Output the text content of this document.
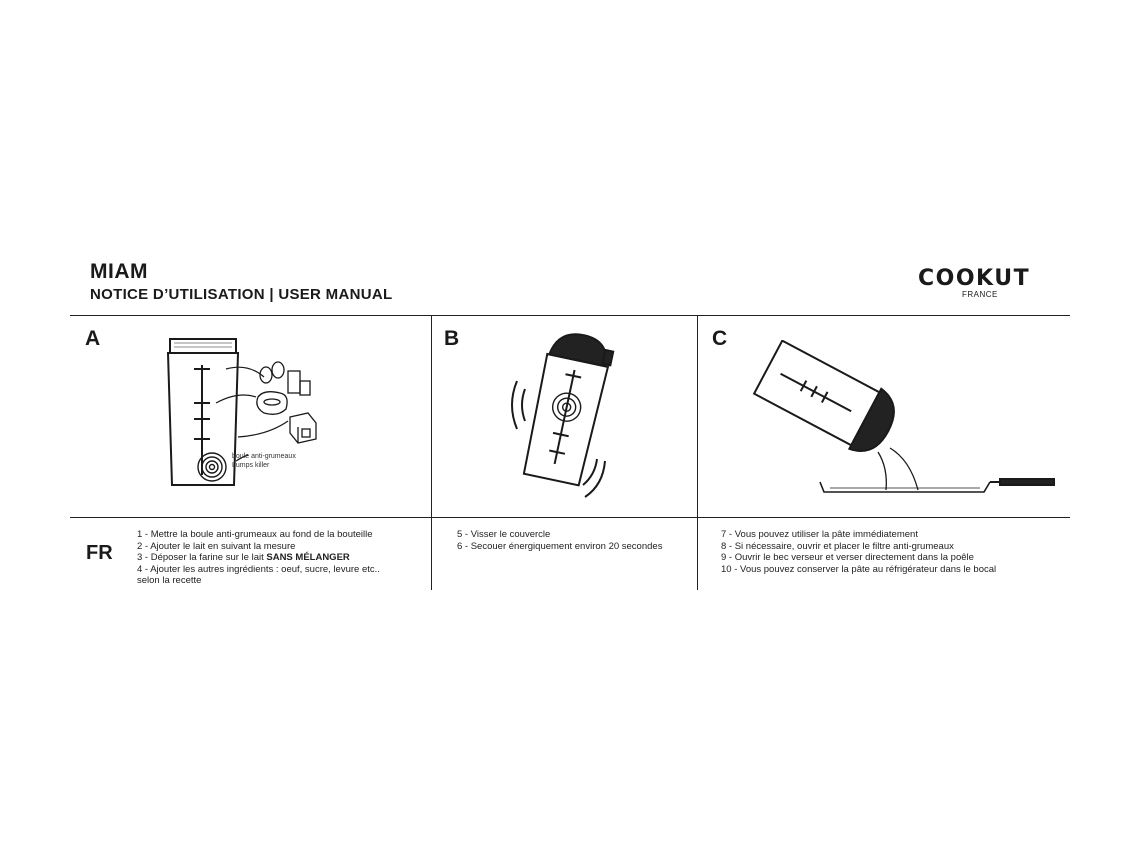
MIAM
NOTICE D’UTILISATION | USER MANUAL
COOKUT
FRANCE
A	B	C
boule anti-grumeaux
Lumps killer
FR
1 - Mettre la boule anti-grumeaux au fond de la bouteille
2 - Ajouter le lait en suivant la mesure
3 - Déposer la farine sur le lait SANS MÉLANGER
4 - Ajouter les autres ingrédients : oeuf, sucre, levure etc..
selon la recette
5 - Visser le couvercle
6 - Secouer énergiquement environ 20 secondes
7 - Vous pouvez utiliser la pâte immédiatement
8 - Si nécessaire, ouvrir et placer le filtre anti-grumeaux
9 - Ouvrir le bec verseur et verser directement dans la poêle
10 - Vous pouvez conserver la pâte au réfrigérateur dans le bocal
